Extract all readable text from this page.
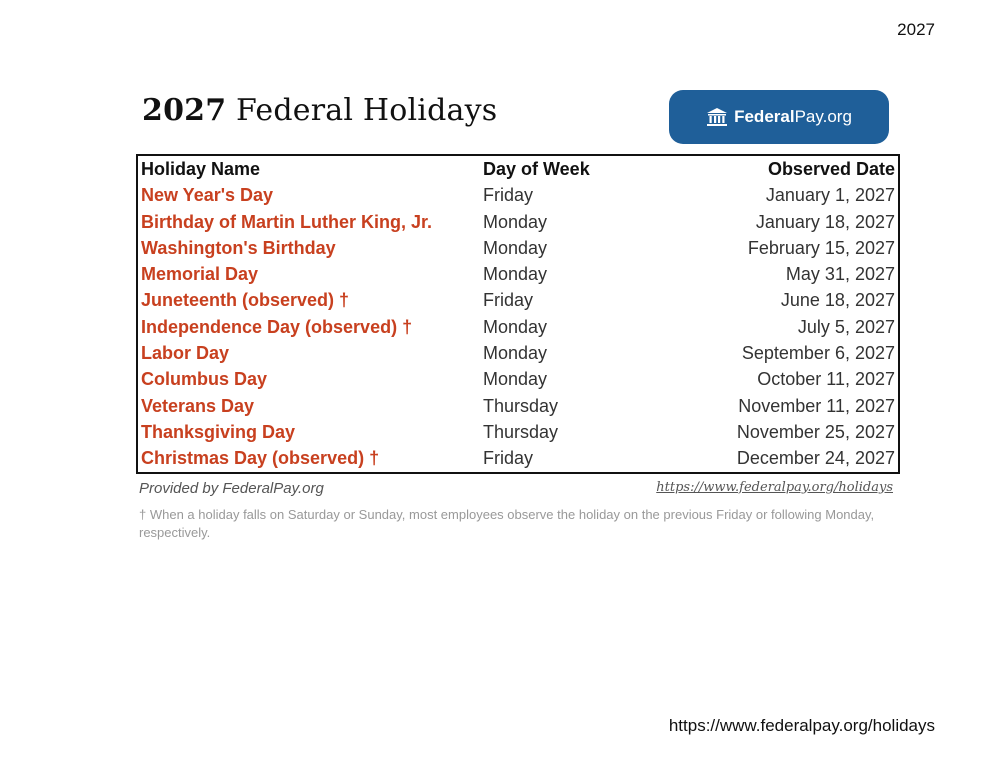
2027
2027 Federal Holidays	Federal Pay.org
Holiday Name	Day of Week	Observed Date
New Year's Day	Friday	January 1, 2027
Birthday of Martin Luther King, Jr.	Monday	January 18, 2027
Washington's Birthday	Monday	February 15, 2027
Memorial Day	Monday	May 31, 2027
Juneteenth (observed) †	Friday	June 18, 2027
Independence Day (observed) †	Monday	July 5, 2027
Labor Day	Monday	September 6, 2027
Columbus Day	Monday	October 11, 2027
Veterans Day	Thursday	November 11, 2027
Thanksgiving Day	Thursday	November 25, 2027
Christmas Day (observed) †	Friday	December 24, 2027
Provided by FederalPay.org	https://www.federalpay.org/holidays
† When a holiday falls on Saturday or Sunday, most employees observe the holiday on the previous Friday or following Monday, respectively.
https://www.federalpay.org/holidays
